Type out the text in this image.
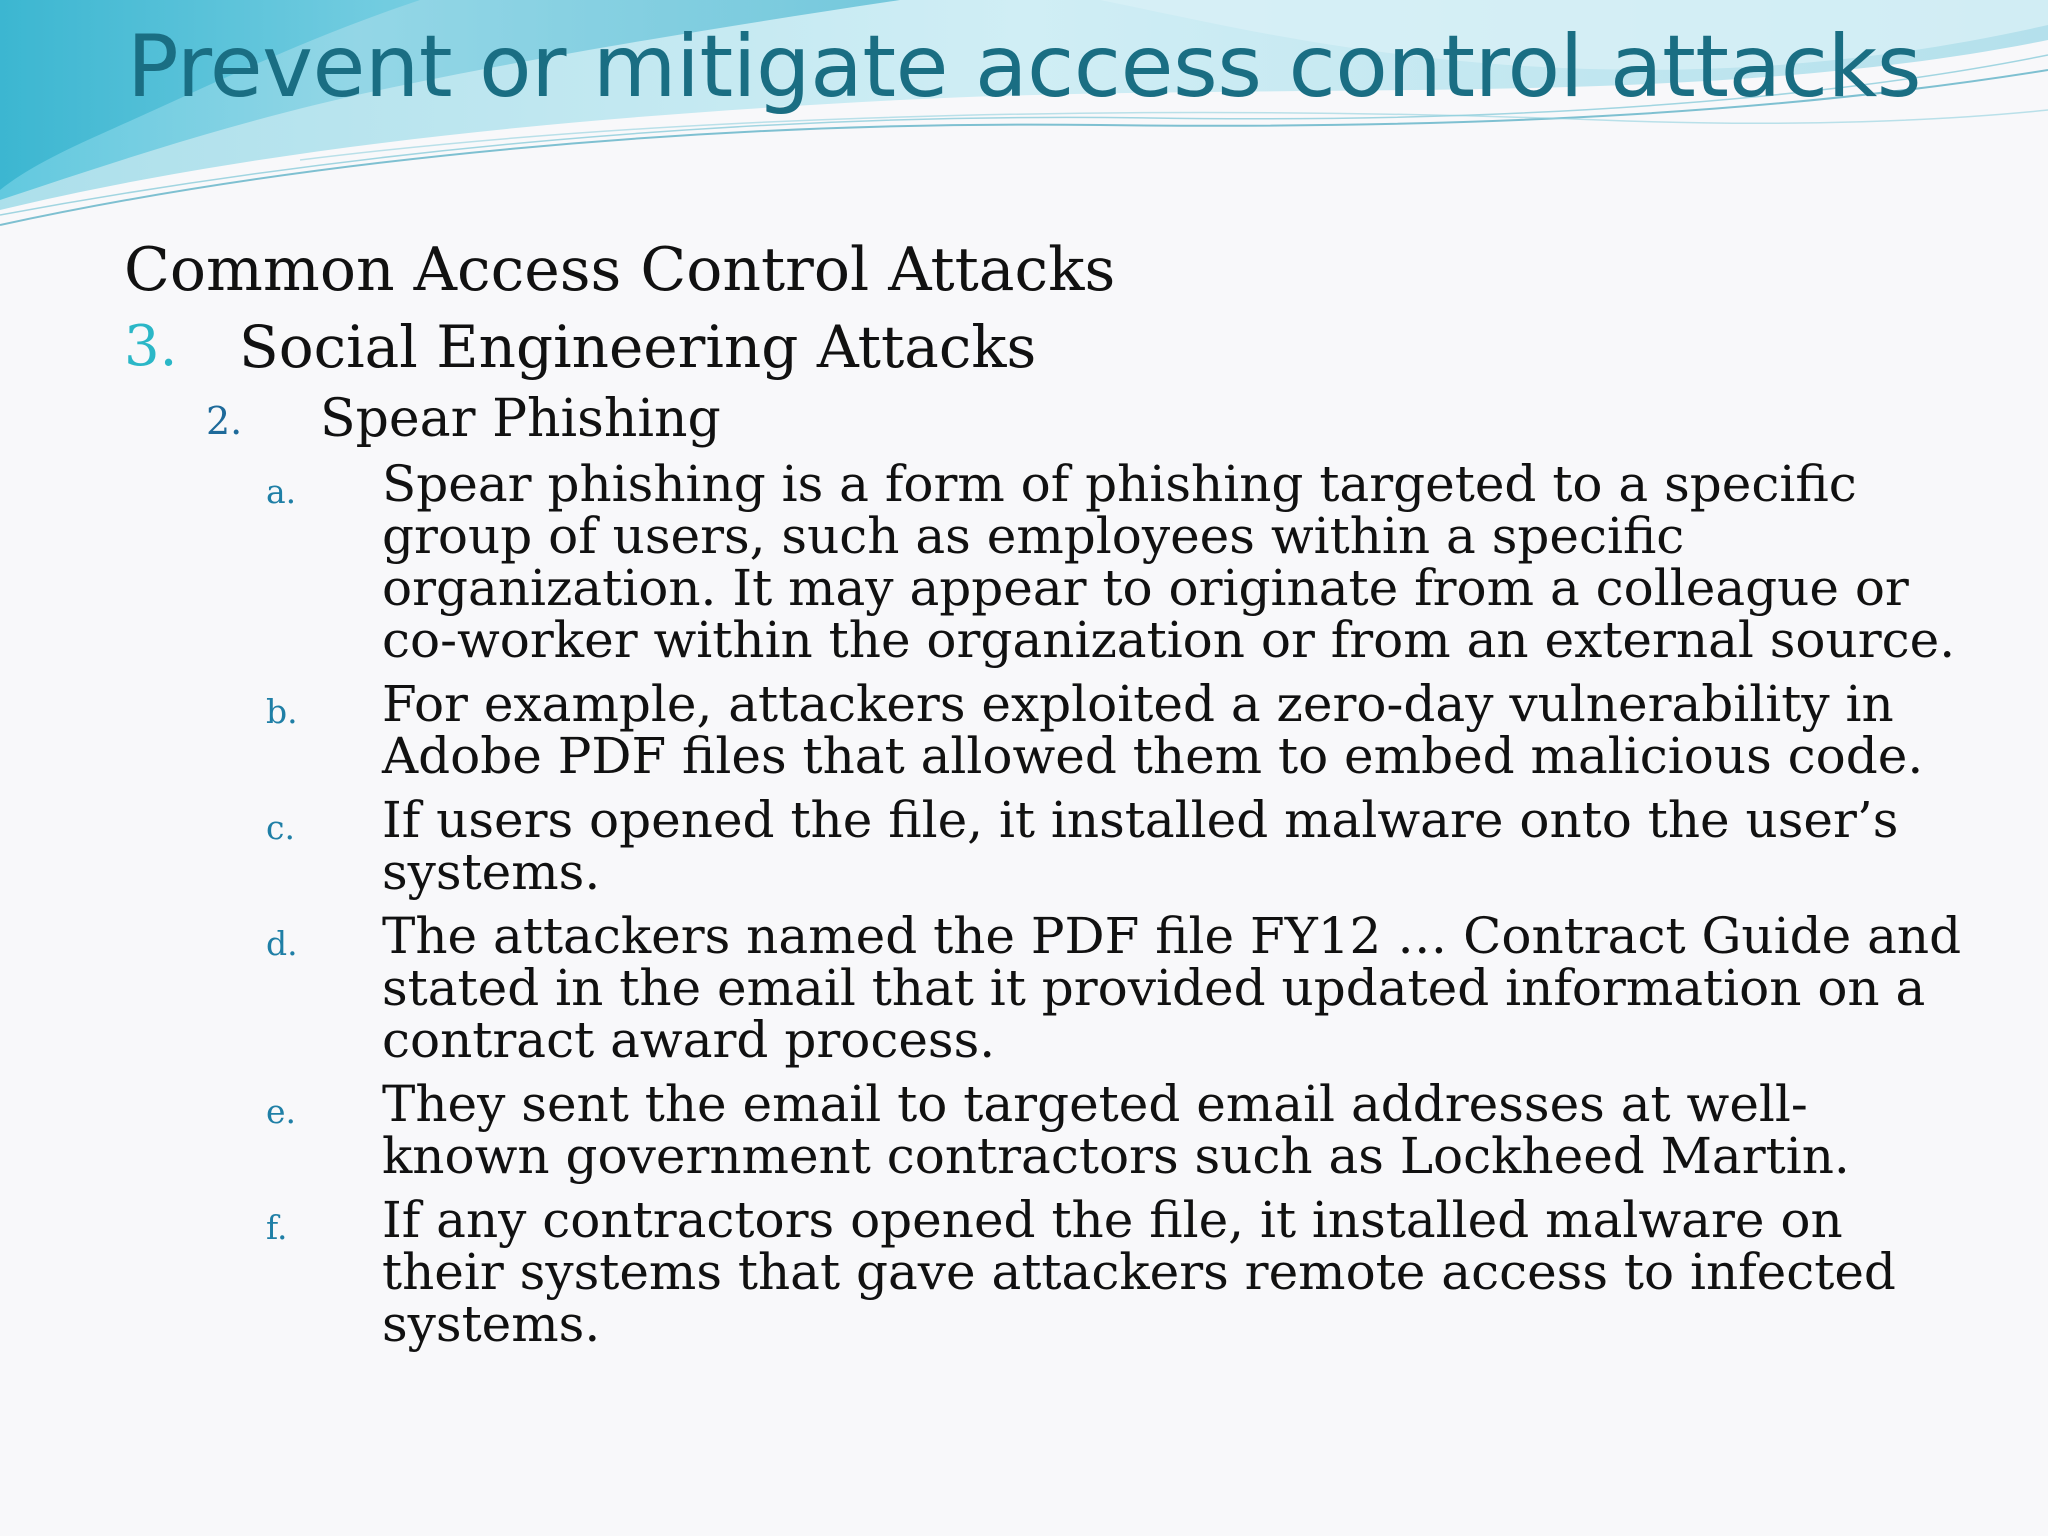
Prevent or mitigate access control attacks

Common Access Control Attacks

3. Social Engineering Attacks
2. Spear Phishing
a. Spear phishing is a form of phishing targeted to a specific group of users, such as employees within a specific organization. It may appear to originate from a colleague or co-worker within the organization or from an external source.
b. For example, attackers exploited a zero-day vulnerability in Adobe PDF files that allowed them to embed malicious code.
c. If users opened the file, it installed malware onto the user’s systems.
d. The attackers named the PDF file FY12 … Contract Guide and stated in the email that it provided updated information on a contract award process.
e. They sent the email to targeted email addresses at well-known government contractors such as Lockheed Martin.
f. If any contractors opened the file, it installed malware on their systems that gave attackers remote access to infected systems.
